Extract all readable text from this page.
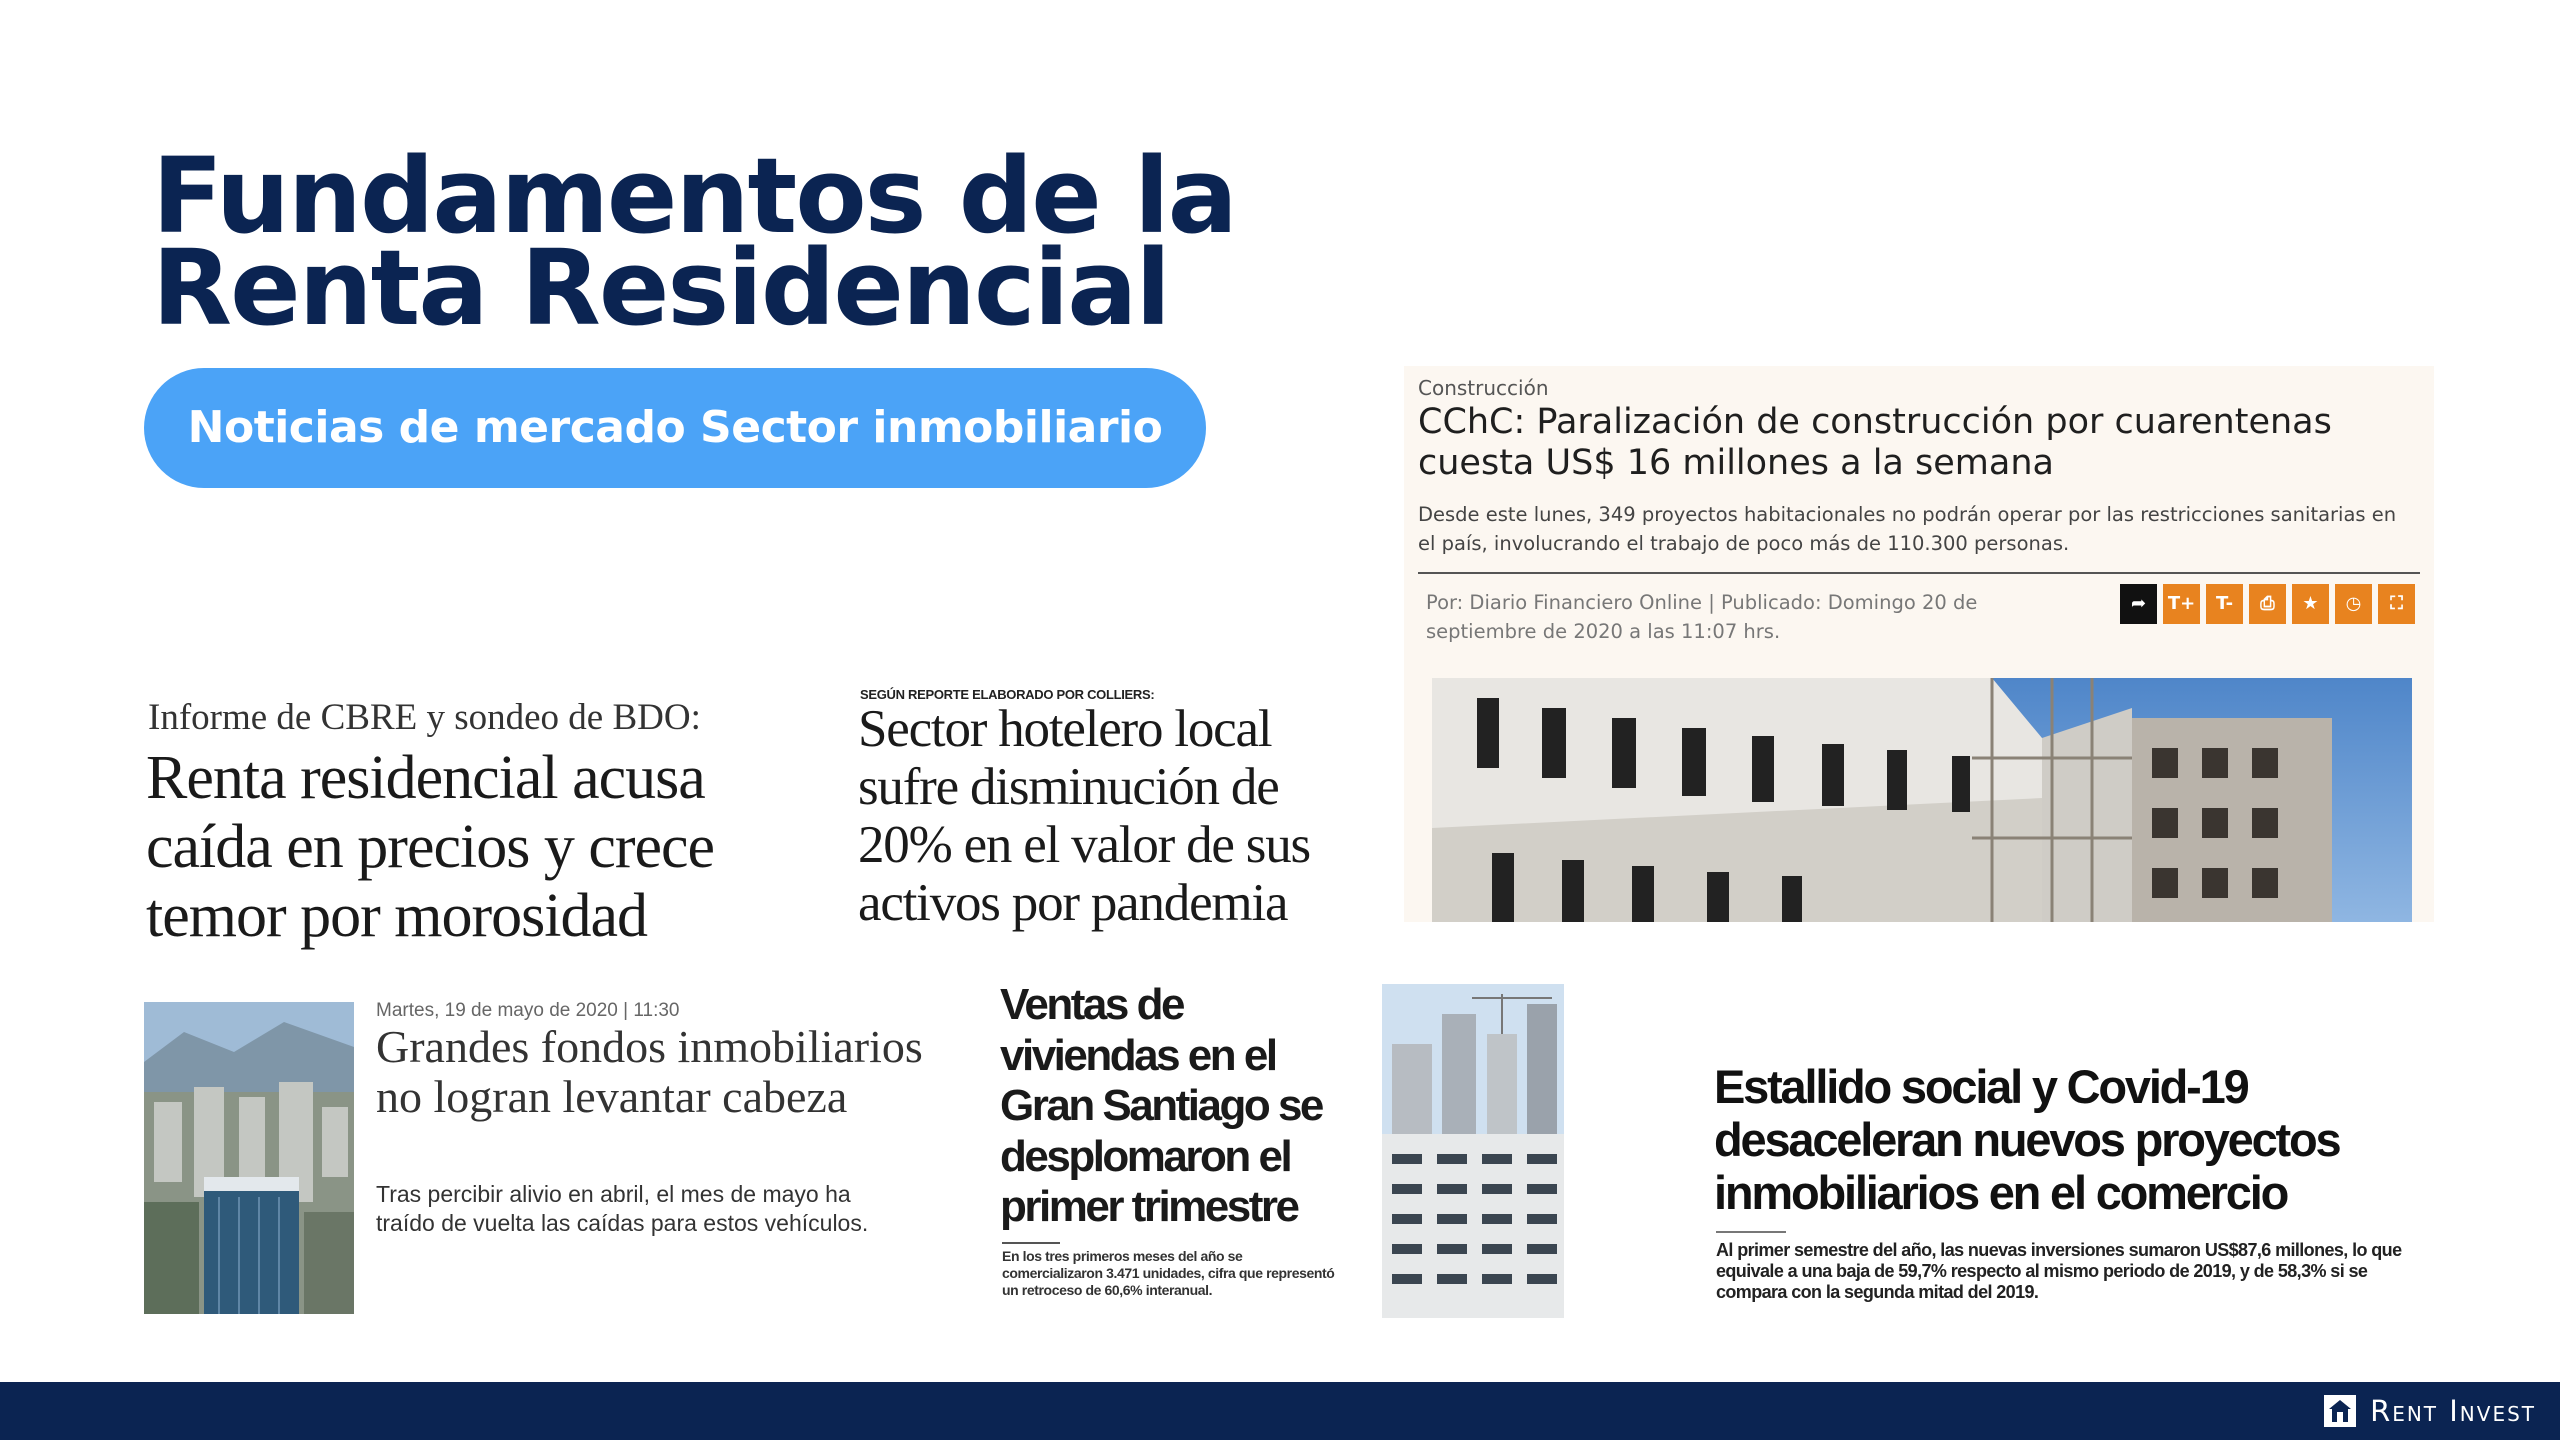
Fundamentos de la
Renta Residencial
Noticias de mercado Sector inmobiliario
Construcción
CChC: Paralización de construcción por cuarentenas cuesta US$ 16 millones a la semana
Desde este lunes, 349 proyectos habitacionales no podrán operar por las restricciones sanitarias en el país, involucrando el trabajo de poco más de 110.300 personas.
Por: Diario Financiero Online | Publicado: Domingo 20 de septiembre de 2020 a las 11:07 hrs.
➦	T+	T-	⎙	★	◷	⛶
Informe de CBRE y sondeo de BDO:
Renta residencial acusa caída en precios y crece temor por morosidad
SEGÚN REPORTE ELABORADO POR COLLIERS:
Sector hotelero local sufre disminución de 20% en el valor de sus activos por pandemia
Martes, 19 de mayo de 2020 | 11:30
Grandes fondos inmobiliarios no logran levantar cabeza
Tras percibir alivio en abril, el mes de mayo ha traído de vuelta las caídas para estos vehículos.
Ventas de viviendas en el Gran Santiago se desplomaron el primer trimestre
En los tres primeros meses del año se comercializaron 3.471 unidades, cifra que representó un retroceso de 60,6% interanual.
Estallido social y Covid-19 desaceleran nuevos proyectos inmobiliarios en el comercio
Al primer semestre del año, las nuevas inversiones sumaron US$87,6 millones, lo que equivale a una baja de 59,7% respecto al mismo periodo de 2019, y de 58,3% si se compara con la segunda mitad del 2019.
Rent Invest
